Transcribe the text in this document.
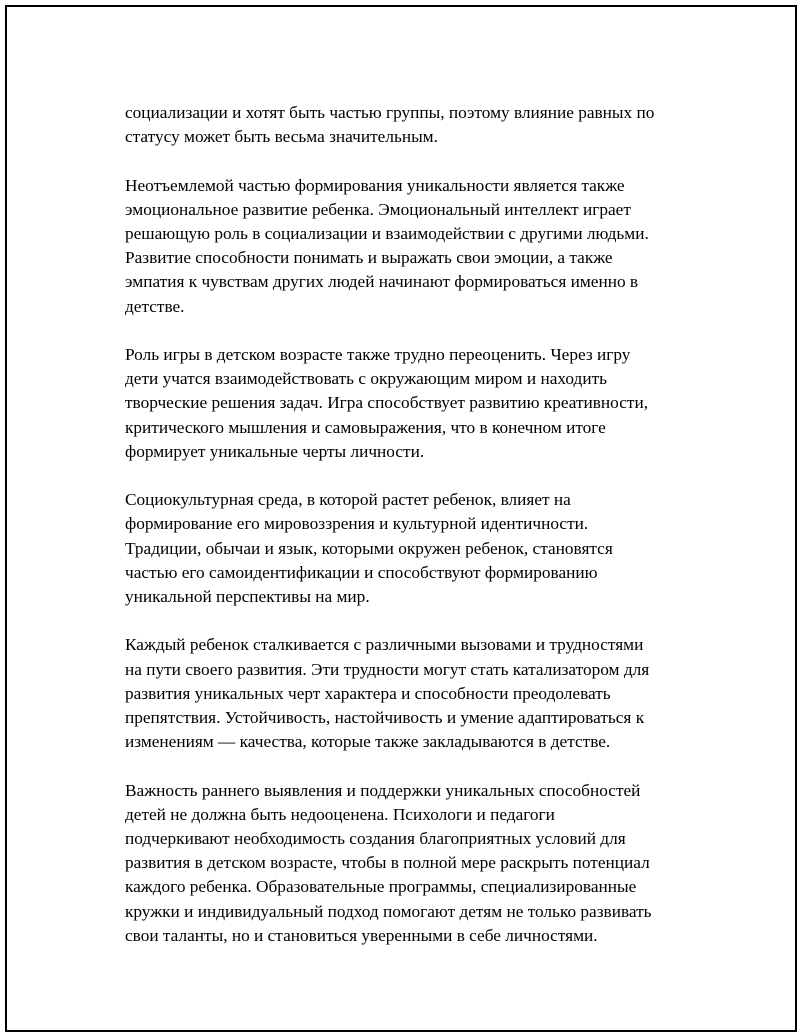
социализации и хотят быть частью группы, поэтому влияние равных по
статусу может быть весьма значительным.

Неотъемлемой частью формирования уникальности является также
эмоциональное развитие ребенка. Эмоциональный интеллект играет
решающую роль в социализации и взаимодействии с другими людьми.
Развитие способности понимать и выражать свои эмоции, а также
эмпатия к чувствам других людей начинают формироваться именно в
детстве.

Роль игры в детском возрасте также трудно переоценить. Через игру
дети учатся взаимодействовать с окружающим миром и находить
творческие решения задач. Игра способствует развитию креативности,
критического мышления и самовыражения, что в конечном итоге
формирует уникальные черты личности.

Социокультурная среда, в которой растет ребенок, влияет на
формирование его мировоззрения и культурной идентичности.
Традиции, обычаи и язык, которыми окружен ребенок, становятся
частью его самоидентификации и способствуют формированию
уникальной перспективы на мир.

Каждый ребенок сталкивается с различными вызовами и трудностями
на пути своего развития. Эти трудности могут стать катализатором для
развития уникальных черт характера и способности преодолевать
препятствия. Устойчивость, настойчивость и умение адаптироваться к
изменениям — качества, которые также закладываются в детстве.

Важность раннего выявления и поддержки уникальных способностей
детей не должна быть недооценена. Психологи и педагоги
подчеркивают необходимость создания благоприятных условий для
развития в детском возрасте, чтобы в полной мере раскрыть потенциал
каждого ребенка. Образовательные программы, специализированные
кружки и индивидуальный подход помогают детям не только развивать
свои таланты, но и становиться уверенными в себе личностями.
